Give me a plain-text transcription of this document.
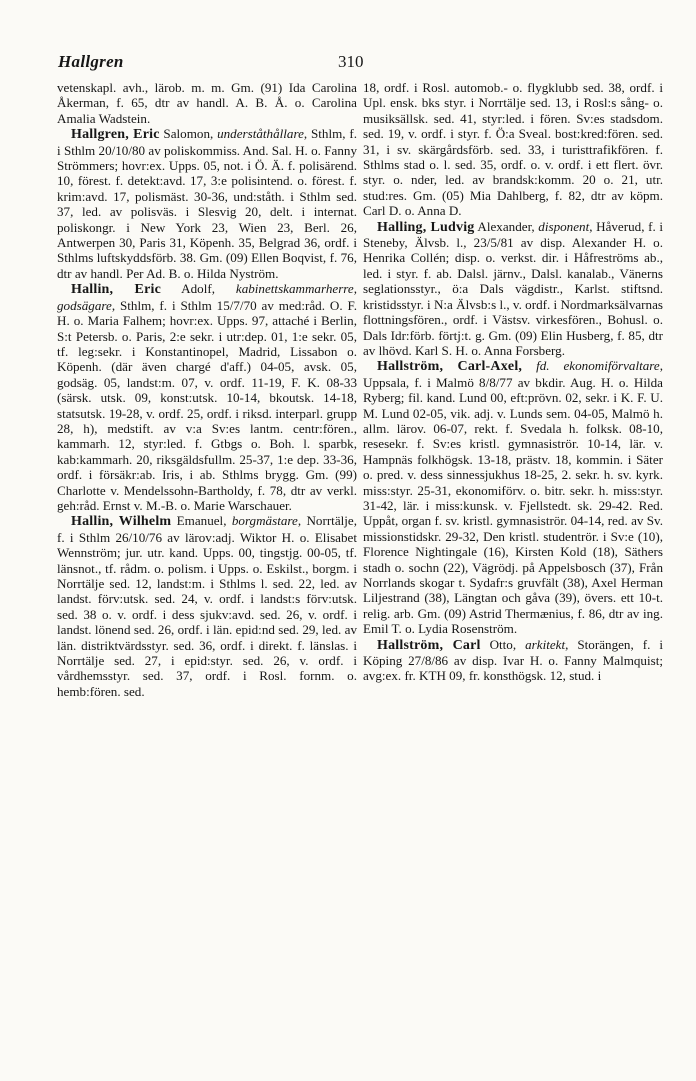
Hallgren	310

vetenskapl. avh., lärob. m. m. Gm. (91) Ida Carolina Åkerman, f. 65, dtr av handl. A. B. Å. o. Carolina Amalia Wadstein.

Hallgren, Eric Salomon, underståthållare, Sthlm, f. i Sthlm 20/10/80 av poliskommiss. And. Sal. H. o. Fanny Strömmers; hovr:ex. Upps. 05, not. i Ö. Ä. f. polisärend. 10, förest. f. detekt:avd. 17, 3:e polisintend. o. förest. f. krim:avd. 17, polismäst. 30-36, und:ståth. i Sthlm sed. 37, led. av polisväs. i Slesvig 20, delt. i internat. poliskongr. i New York 23, Wien 23, Berl. 26, Antwerpen 30, Paris 31, Köpenh. 35, Belgrad 36, ordf. i Sthlms luftskyddsförb. 38. Gm. (09) Ellen Boqvist, f. 76, dtr av handl. Per Ad. B. o. Hilda Nyström.

Hallin, Eric Adolf, kabinettskammarherre, godsägare, Sthlm, f. i Sthlm 15/7/70 av med:råd. O. F. H. o. Maria Falhem; hovr:ex. Upps. 97, attaché i Berlin, S:t Petersb. o. Paris, 2:e sekr. i utr:dep. 01, 1:e sekr. 05, tf. leg:sekr. i Konstantinopel, Madrid, Lissabon o. Köpenh. (där även chargé d'aff.) 04-05, avsk. 05, godsäg. 05, landst:m. 07, v. ordf. 11-19, F. K. 08-33 (särsk. utsk. 09, konst:utsk. 10-14, bkoutsk. 14-18, statsutsk. 19-28, v. ordf. 25, ordf. i riksd. interparl. grupp 28, h), medstift. av v:a Sv:es lantm. centr:fören., kammarh. 12, styr:led. f. Gtbgs o. Boh. l. sparbk, kab:kammarh. 20, riksgäldsfullm. 25-37, 1:e dep. 33-36, ordf. i försäkr:ab. Iris, i ab. Sthlms brygg. Gm. (99) Charlotte v. Mendelssohn-Bartholdy, f. 78, dtr av verkl. geh:råd. Ernst v. M.-B. o. Marie Warschauer.

Hallin, Wilhelm Emanuel, borgmästare, Norrtälje, f. i Sthlm 26/10/76 av lärov:adj. Wiktor H. o. Elisabet Wennström; jur. utr. kand. Upps. 00, tingstjg. 00-05, tf. länsnot., tf. rådm. o. polism. i Upps. o. Eskilst., borgm. i Norrtälje sed. 12, landst:m. i Sthlms l. sed. 22, led. av landst. förv:utsk. sed. 24, v. ordf. i landst:s förv:utsk. sed. 38 o. v. ordf. i dess sjukv:avd. sed. 26, v. ordf. i landst. lönend sed. 26, ordf. i län. epid:nd sed. 29, led. av län. distriktvärdsstyr. sed. 36, ordf. i direkt. f. länslas. i Norrtälje sed. 27, i epid:styr. sed. 26, v. ordf. i vårdhemsstyr. sed. 37, ordf. i Rosl. fornm. o. hemb:fören. sed.

18, ordf. i Rosl. automob.- o. flygklubb sed. 38, ordf. i Upl. ensk. bks styr. i Norrtälje sed. 13, i Rosl:s sång- o. musiksällsk. sed. 41, styr:led. i fören. Sv:es stadsdom. sed. 19, v. ordf. i styr. f. Ö:a Sveal. bost:kred:fören. sed. 31, i sv. skärgårdsförb. sed. 33, i turisttrafikfören. f. Sthlms stad o. l. sed. 35, ordf. o. v. ordf. i ett flert. övr. styr. o. nder, led. av brandsk:komm. 20 o. 21, utr. stud:res. Gm. (05) Mia Dahlberg, f. 82, dtr av köpm. Carl D. o. Anna D.

Halling, Ludvig Alexander, disponent, Håverud, f. i Steneby, Älvsb. l., 23/5/81 av disp. Alexander H. o. Henrika Collén; disp. o. verkst. dir. i Håfreströms ab., led. i styr. f. ab. Dalsl. järnv., Dalsl. kanalab., Vänerns seglationsstyr., ö:a Dals vägdistr., Karlst. stiftsnd. kristidsstyr. i N:a Älvsb:s l., v. ordf. i Nordmarksälvarnas flottningsfören., ordf. i Västsv. virkesfören., Bohusl. o. Dals Idr:förb. förtj:t. g. Gm. (09) Elin Husberg, f. 85, dtr av lhövd. Karl S. H. o. Anna Forsberg.

Hallström, Carl-Axel, fd. ekonomiförvaltare, Uppsala, f. i Malmö 8/8/77 av bkdir. Aug. H. o. Hilda Ryberg; fil. kand. Lund 00, eft:prövn. 02, sekr. i K. F. U. M. Lund 02-05, vik. adj. v. Lunds sem. 04-05, Malmö h. allm. lärov. 06-07, rekt. f. Svedala h. folksk. 08-10, resesekr. f. Sv:es kristl. gymnasiströr. 10-14, lär. v. Hampnäs folkhögsk. 13-18, prästv. 18, kommin. i Säter o. pred. v. dess sinnessjukhus 18-25, 2. sekr. h. sv. kyrk. miss:styr. 25-31, ekonomiförv. o. bitr. sekr. h. miss:styr. 31-42, lär. i miss:kunsk. v. Fjellstedt. sk. 29-42. Red. Uppåt, organ f. sv. kristl. gymnasiströr. 04-14, red. av Sv. missionstidskr. 29-32, Den kristl. studentrör. i Sv:e (10), Florence Nightingale (16), Kirsten Kold (18), Säthers stadh o. sochn (22), Vägrödj. på Appelsbosch (37), Från Norrlands skogar t. Sydafr:s gruvfält (38), Axel Herman Liljestrand (38), Längtan och gåva (39), övers. ett 10-t. relig. arb. Gm. (09) Astrid Thermænius, f. 86, dtr av ing. Emil T. o. Lydia Rosenström.

Hallström, Carl Otto, arkitekt, Storängen, f. i Köping 27/8/86 av disp. Ivar H. o. Fanny Malmquist; avg:ex. fr. KTH 09, fr. konsthögsk. 12, stud. i
